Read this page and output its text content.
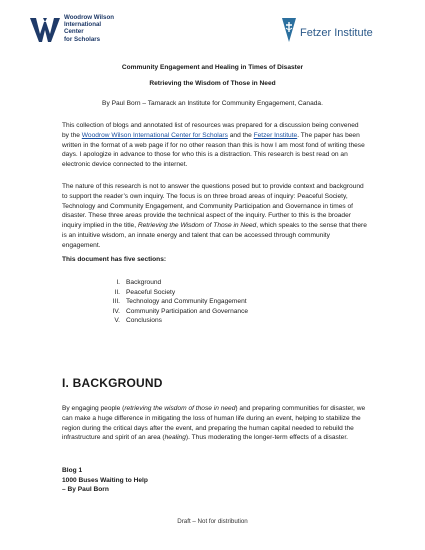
Woodrow Wilson
International
Center
for Scholars
Fetzer Institute
Community Engagement and Healing in Times of Disaster
Retrieving the Wisdom of Those in Need
By Paul Born – Tamarack an Institute for Community Engagement, Canada.
This collection of blogs and annotated list of resources was prepared for a discussion being convened by the Woodrow Wilson International Center for Scholars and the Fetzer Institute. The paper has been written in the format of a web page if for no other reason than this is how I am most fond of writing these days. I apologize in advance to those for who this is a distraction. This research is best read on an electronic device connected to the internet.
The nature of this research is not to answer the questions posed but to provide context and background to support the reader’s own inquiry. The focus is on three broad areas of inquiry: Peaceful Society, Technology and Community Engagement, and Community Participation and Governance in times of disaster. These three areas provide the technical aspect of the inquiry. Further to this is the broader inquiry implied in the title, Retrieving the Wisdom of Those in Need, which speaks to the sense that there is an intuitive wisdom, an innate energy and talent that can be accessed through community engagement.
This document has five sections:
I. Background
II. Peaceful Society
III. Technology and Community Engagement
IV. Community Participation and Governance
V. Conclusions
I. BACKGROUND
By engaging people (retrieving the wisdom of those in need) and preparing communities for disaster, we can make a huge difference in mitigating the loss of human life during an event, helping to stabilize the region during the critical days after the event, and preparing the human capital needed to rebuild the infrastructure and spirit of an area (healing). Thus moderating the longer-term effects of a disaster.
Blog 1
1000 Buses Waiting to Help
– By Paul Born
Draft – Not for distribution
